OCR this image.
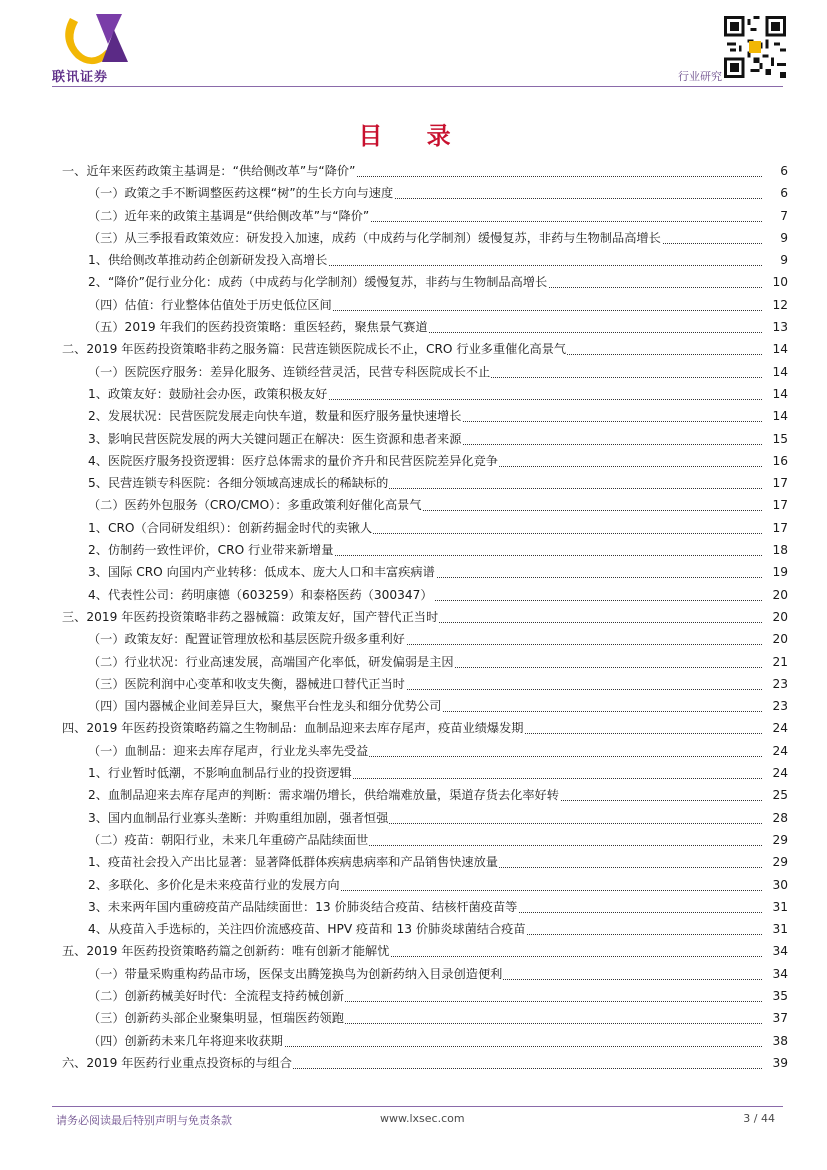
联讯证券	行业研究
目 录
一、近年来医药政策主基调是：“供给侧改革”与“降价”	6
（一）政策之手不断调整医药这棵“树”的生长方向与速度	6
（二）近年来的政策主基调是“供给侧改革”与“降价”	7
（三）从三季报看政策效应：研发投入加速，成药（中成药与化学制剂）缓慢复苏，非药与生物制品高增长	9
1、供给侧改革推动药企创新研发投入高增长	9
2、“降价”促行业分化：成药（中成药与化学制剂）缓慢复苏，非药与生物制品高增长	10
（四）估值：行业整体估值处于历史低位区间	12
（五）2019 年我们的医药投资策略：重医轻药，聚焦景气赛道	13
二、2019 年医药投资策略非药之服务篇：民营连锁医院成长不止，CRO 行业多重催化高景气	14
（一）医院医疗服务：差异化服务、连锁经营灵活，民营专科医院成长不止	14
1、政策友好：鼓励社会办医，政策积极友好	14
2、发展状况：民营医院发展走向快车道，数量和医疗服务量快速增长	14
3、影响民营医院发展的两大关键问题正在解决：医生资源和患者来源	15
4、医院医疗服务投资逻辑：医疗总体需求的量价齐升和民营医院差异化竞争	16
5、民营连锁专科医院：各细分领域高速成长的稀缺标的	17
（二）医药外包服务（CRO/CMO）：多重政策利好催化高景气	17
1、CRO（合同研发组织）：创新药掘金时代的卖锹人	17
2、仿制药一致性评价，CRO 行业带来新增量	18
3、国际 CRO 向国内产业转移：低成本、庞大人口和丰富疾病谱	19
4、代表性公司：药明康德（603259）和泰格医药（300347）	20
三、2019 年医药投资策略非药之器械篇：政策友好，国产替代正当时	20
（一）政策友好：配置证管理放松和基层医院升级多重利好	20
（二）行业状况：行业高速发展，高端国产化率低，研发偏弱是主因	21
（三）医院利润中心变革和收支失衡，器械进口替代正当时	23
（四）国内器械企业间差异巨大，聚焦平台性龙头和细分优势公司	23
四、2019 年医药投资策略药篇之生物制品：血制品迎来去库存尾声，疫苗业绩爆发期	24
（一）血制品：迎来去库存尾声，行业龙头率先受益	24
1、行业暂时低潮，不影响血制品行业的投资逻辑	24
2、血制品迎来去库存尾声的判断：需求端仍增长，供给端难放量，渠道存货去化率好转	25
3、国内血制品行业寡头垄断：并购重组加剧，强者恒强	28
（二）疫苗：朝阳行业，未来几年重磅产品陆续面世	29
1、疫苗社会投入产出比显著：显著降低群体疾病患病率和产品销售快速放量	29
2、多联化、多价化是未来疫苗行业的发展方向	30
3、未来两年国内重磅疫苗产品陆续面世：13 价肺炎结合疫苗、结核杆菌疫苗等	31
4、从疫苗入手选标的，关注四价流感疫苗、HPV 疫苗和 13 价肺炎球菌结合疫苗	31
五、2019 年医药投资策略药篇之创新药：唯有创新才能解忧	34
（一）带量采购重构药品市场，医保支出腾笼换鸟为创新药纳入目录创造便利	34
（二）创新药械美好时代：全流程支持药械创新	35
（三）创新药头部企业聚集明显，恒瑞医药领跑	37
（四）创新药未来几年将迎来收获期	38
六、2019 年医药行业重点投资标的与组合	39
请务必阅读最后特别声明与免责条款	www.lxsec.com	3 / 44
